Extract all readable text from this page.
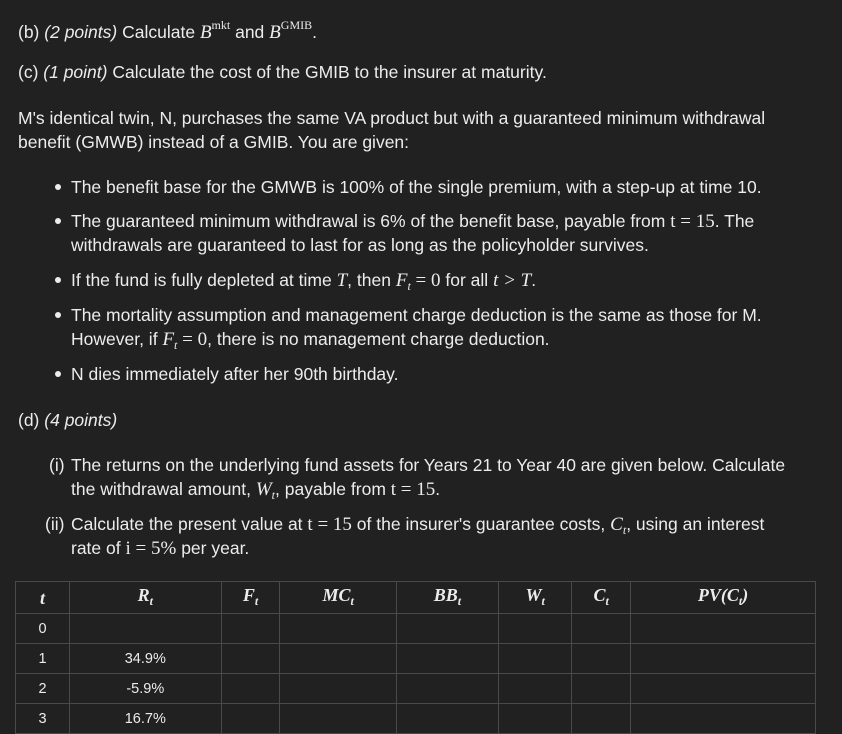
(b) (2 points) Calculate $B^{mkt}$ and $B^{GMIB}$.

(c) (1 point) Calculate the cost of the GMIB to the insurer at maturity.

M's identical twin, N, purchases the same VA product but with a guaranteed minimum withdrawal

benefit (GMWB) instead of a GMIB. You are given:

The benefit base for the GMWB is 100% of the single premium, with a step-up at time 10.

The guaranteed minimum withdrawal is 6% of the benefit base, payable from t = 15. The

withdrawals are guaranteed to last for as long as the policyholder survives.

If the fund is fully depleted at time T, then $F_t = 0$ for all t > T.

The mortality assumption and management charge deduction is the same as those for M.

However, if $F_t = 0$, there is no management charge deduction.

N dies immediately after her 90th birthday.

(d) (4 points)

(i) The returns on the underlying fund assets for Years 21 to Year 40 are given below. Calculate

the withdrawal amount, $W_t$, payable from t = 15.

(ii) Calculate the present value at t = 15 of the insurer's guarantee costs, $C_t$, using an interest

rate of i = 5% per year.

t	$R_t$	$F_t$	$MC_t$	$BB_t$	$W_t$	$C_t$	$PV(C_t)$
0							
1	34.9%						
2	-5.9%						
3	16.7%						
